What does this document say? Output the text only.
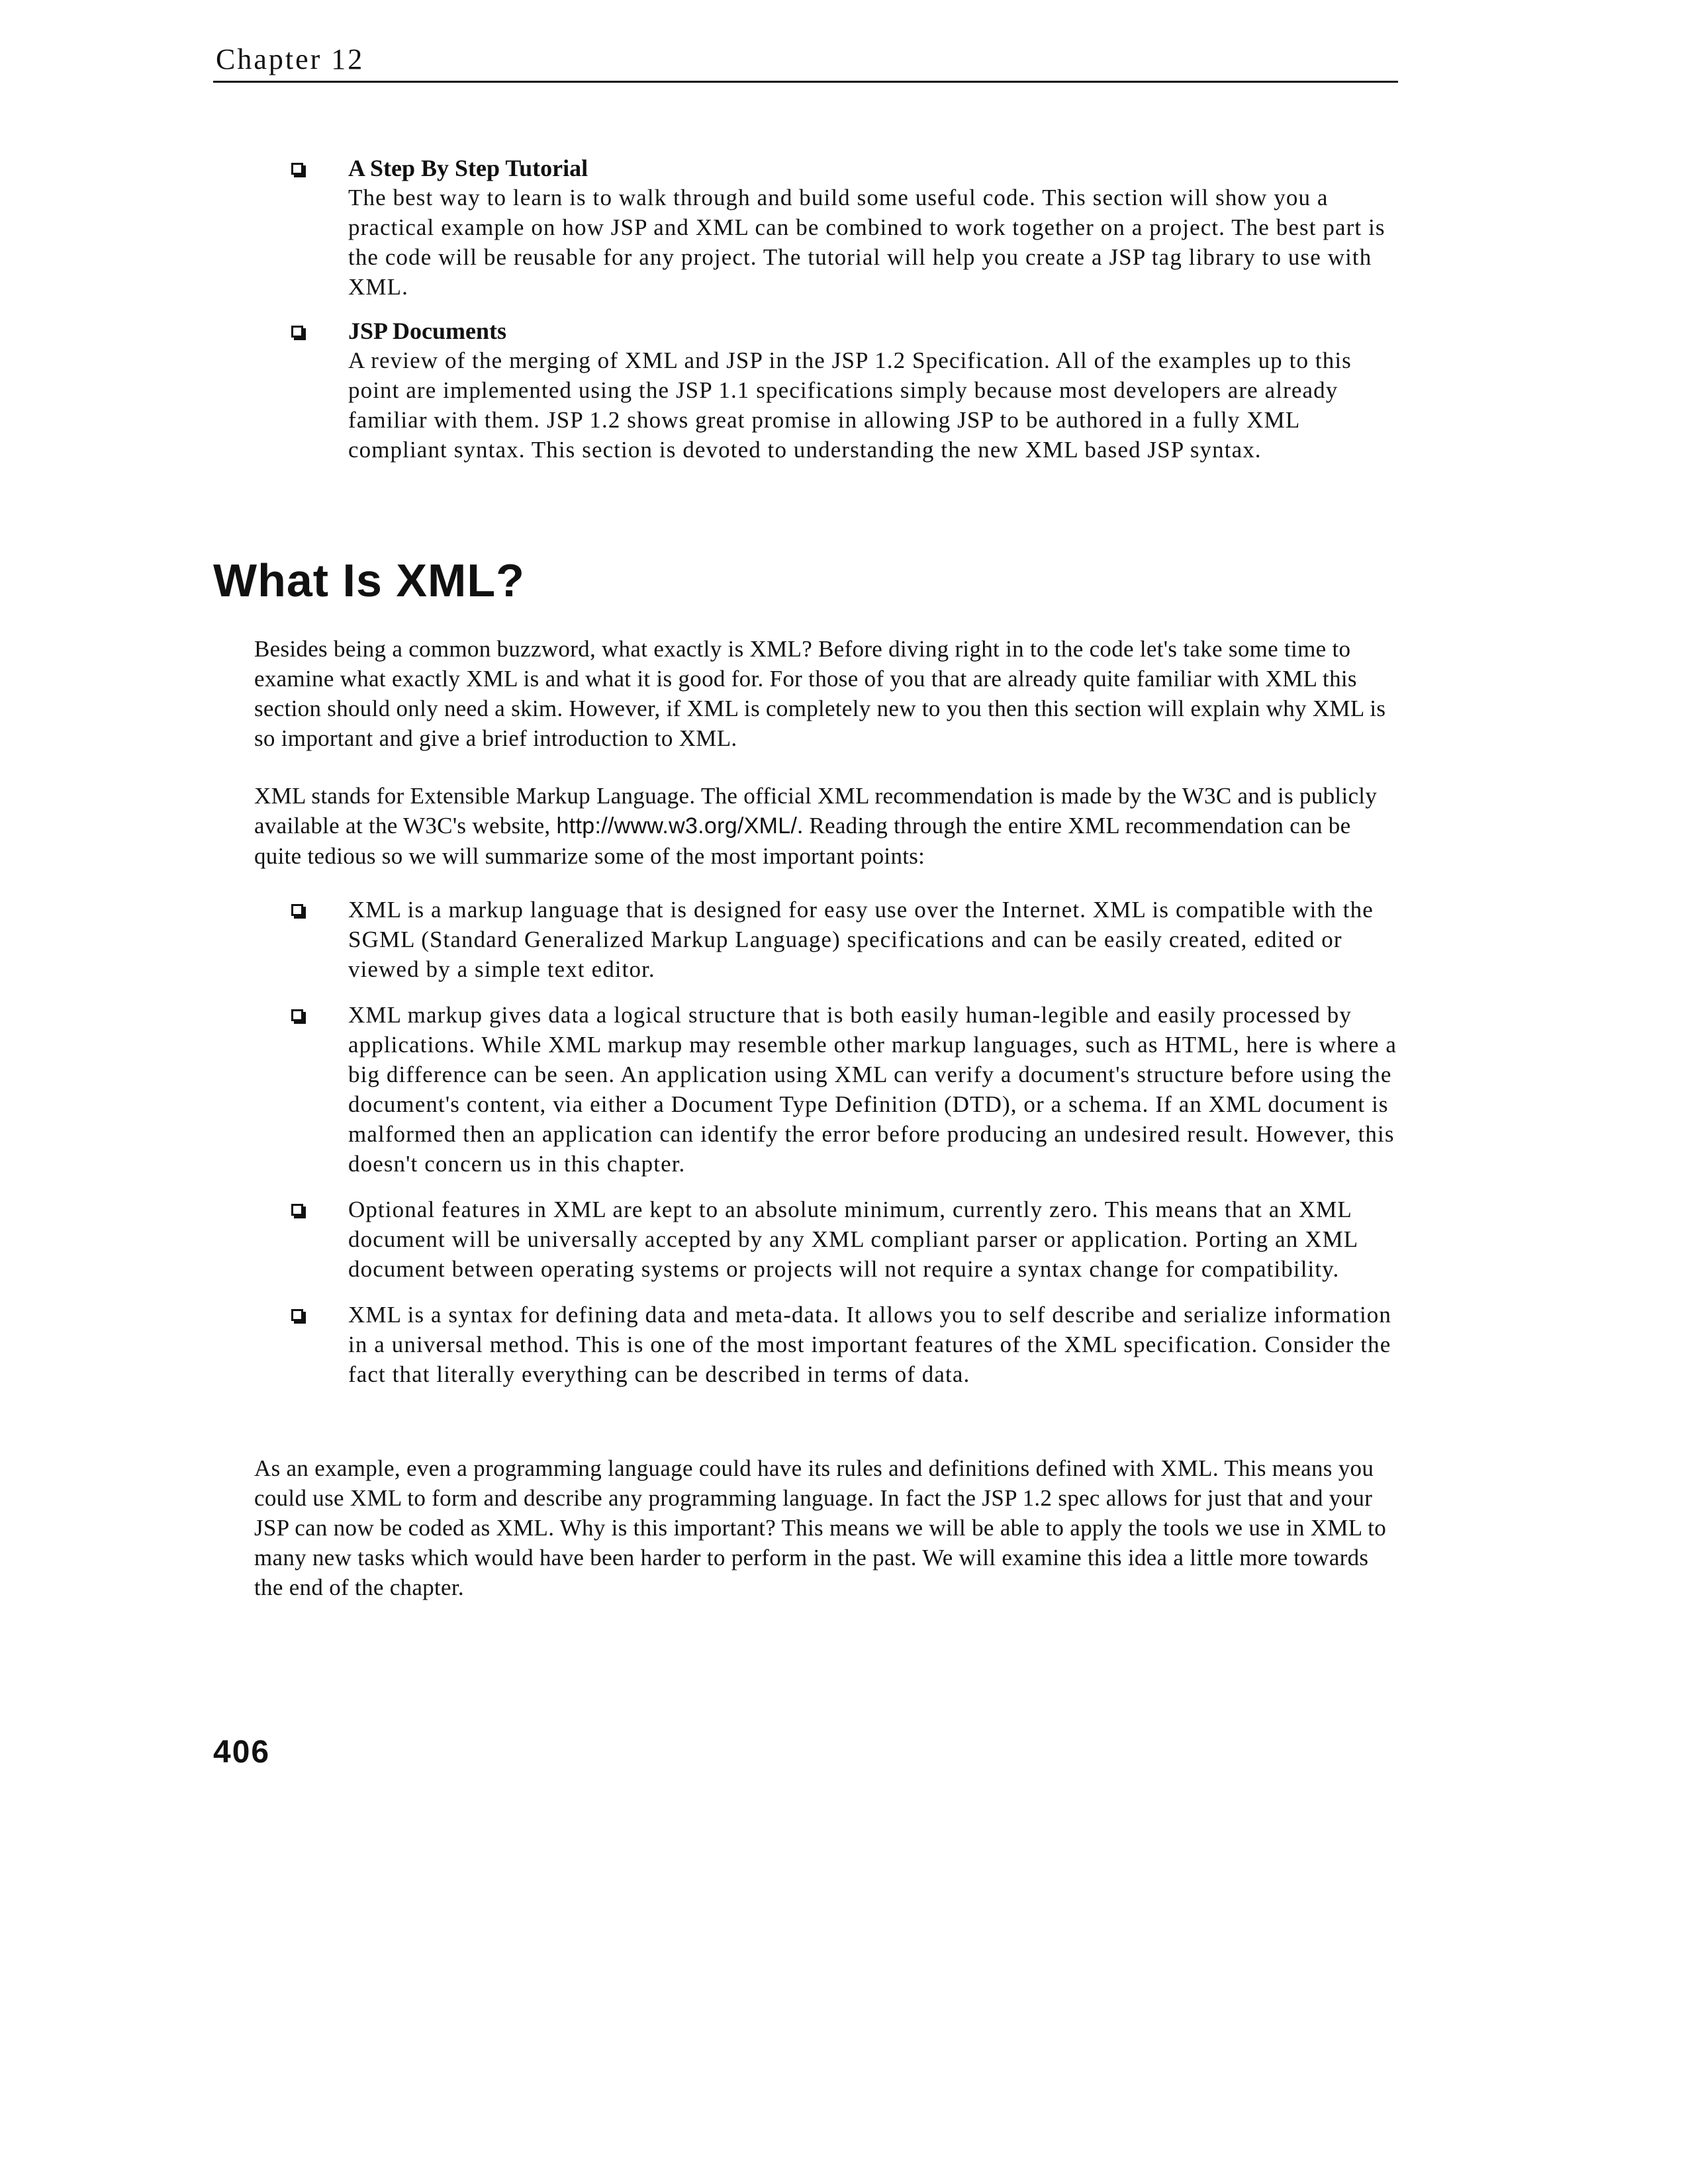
Chapter 12
A Step By Step Tutorial
The best way to learn is to walk through and build some useful code. This section will show you a practical example on how JSP and XML can be combined to work together on a project. The best part is the code will be reusable for any project. The tutorial will help you create a JSP tag library to use with XML.
JSP Documents
A review of the merging of XML and JSP in the JSP 1.2 Specification. All of the examples up to this point are implemented using the JSP 1.1 specifications simply because most developers are already familiar with them. JSP 1.2 shows great promise in allowing JSP to be authored in a fully XML compliant syntax. This section is devoted to understanding the new XML based JSP syntax.
What Is XML?

Besides being a common buzzword, what exactly is XML? Before diving right in to the code let's take some time to examine what exactly XML is and what it is good for. For those of you that are already quite familiar with XML this section should only need a skim. However, if XML is completely new to you then this section will explain why XML is so important and give a brief introduction to XML.

XML stands for Extensible Markup Language. The official XML recommendation is made by the W3C and is publicly available at the W3C's website, http://www.w3.org/XML/. Reading through the entire XML recommendation can be quite tedious so we will summarize some of the most important points:

XML is a markup language that is designed for easy use over the Internet. XML is compatible with the SGML (Standard Generalized Markup Language) specifications and can be easily created, edited or viewed by a simple text editor.
XML markup gives data a logical structure that is both easily human-legible and easily processed by applications. While XML markup may resemble other markup languages, such as HTML, here is where a big difference can be seen. An application using XML can verify a document's structure before using the document's content, via either a Document Type Definition (DTD), or a schema. If an XML document is malformed then an application can identify the error before producing an undesired result. However, this doesn't concern us in this chapter.
Optional features in XML are kept to an absolute minimum, currently zero. This means that an XML document will be universally accepted by any XML compliant parser or application. Porting an XML document between operating systems or projects will not require a syntax change for compatibility.
XML is a syntax for defining data and meta-data. It allows you to self describe and serialize information in a universal method. This is one of the most important features of the XML specification. Consider the fact that literally everything can be described in terms of data.

As an example, even a programming language could have its rules and definitions defined with XML. This means you could use XML to form and describe any programming language. In fact the JSP 1.2 spec allows for just that and your JSP can now be coded as XML. Why is this important? This means we will be able to apply the tools we use in XML to many new tasks which would have been harder to perform in the past. We will examine this idea a little more towards the end of the chapter.

406
